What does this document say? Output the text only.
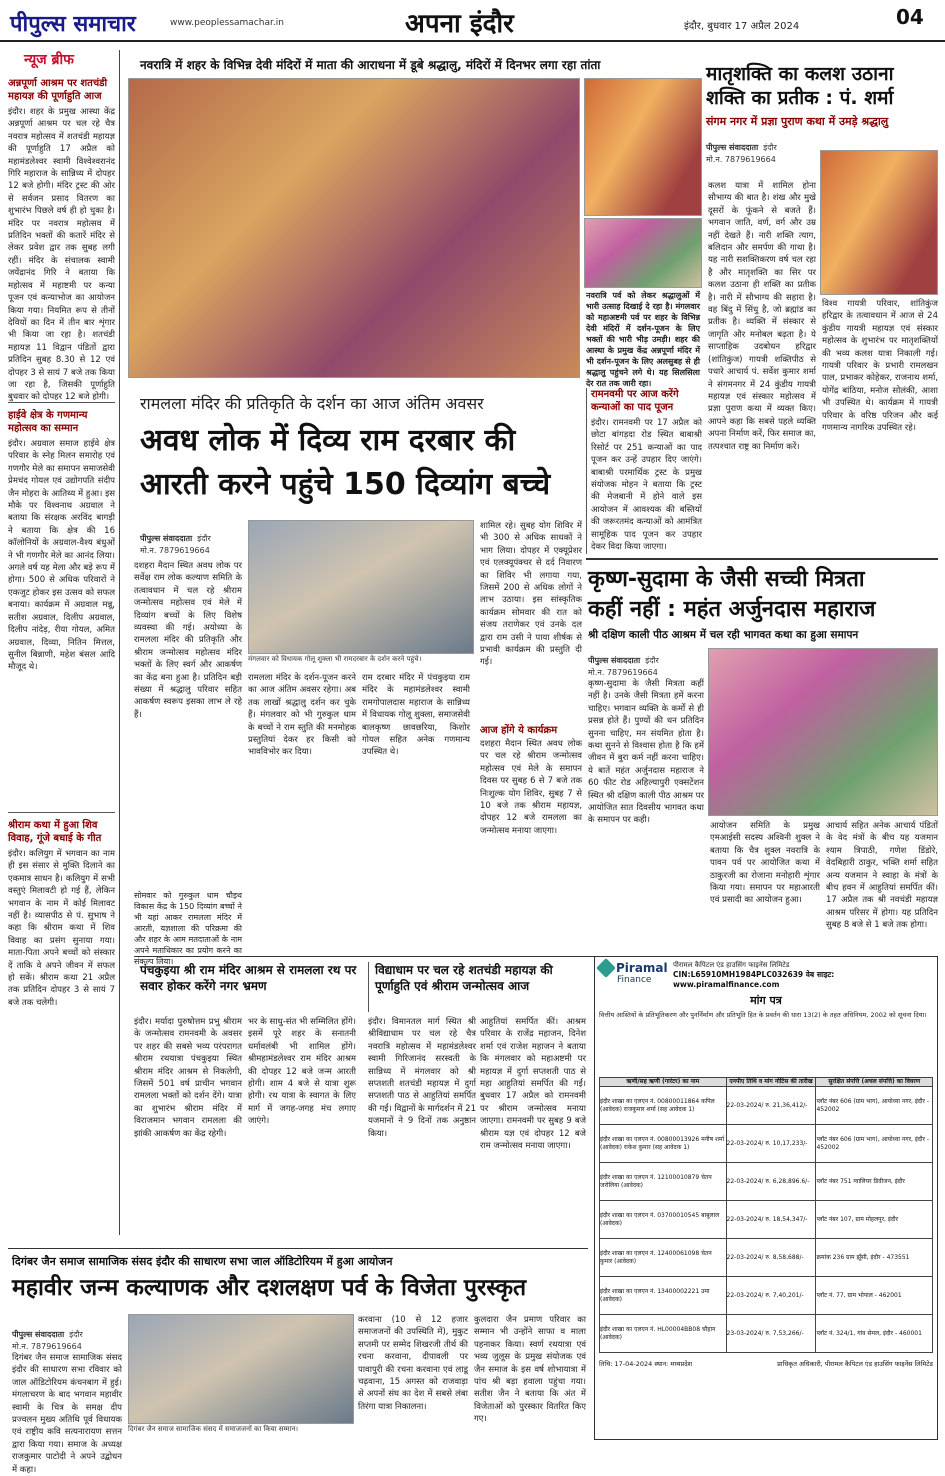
पीपुल्स समाचार	www.peoplessamachar.in	अपना इंदौर	इंदौर, बुधवार 17 अप्रैल 2024	04
न्यूज ब्रीफ
अन्नपूर्णा आश्रम पर शतचंडी महायज्ञ की पूर्णाहुति आज
इंदौर। शहर के प्रमुख आस्था केंद्र अन्नपूर्णा आश्रम पर चल रहे चैत्र नवरात्र महोत्सव में शतचंडी महायज्ञ की पूर्णाहुति 17 अप्रैल को महामंडलेश्वर स्वामी विश्वेश्वरानंद गिरि महाराज के सान्निध्य में दोपहर 12 बजे होगी। मंदिर ट्रस्ट की ओर से सर्वजन प्रसाद वितरण का शुभारंभ पिछले वर्ष ही हो चुका है। मंदिर पर नवरात्र महोत्सव में प्रतिदिन भक्तों की कतारें मंदिर से लेकर प्रवेश द्वार तक सुबह लगी रहीं। मंदिर के संचालक स्वामी जयेंद्रानंद गिरि ने बताया कि महोत्सव में महाष्टमी पर कन्या पूजन एवं कन्याभोज का आयोजन किया गया। नियमित रूप से तीनों देवियों का दिन में तीन बार शृंगार भी किया जा रहा है। शतचंडी महायज्ञ 11 विद्वान पंडितों द्वारा प्रतिदिन सुबह 8.30 से 12 एवं दोपहर 3 से सायं 7 बजे तक किया जा रहा है, जिसकी पूर्णाहुति बुधवार को दोपहर 12 बजे होगी।
हाईवे क्षेत्र के गणमान्य महोत्सव का सम्मान
इंदौर। अग्रवाल समाज हाईवे क्षेत्र परिवार के स्नेह मिलन समारोह एवं गणगौर मेले का समापन समाजसेवी प्रेमचंद गोयल एवं उद्योगपति संदीप जैन मोहरा के आतिथ्य में हुआ। इस मौके पर विश्वनाथ अग्रवाल ने बताया कि संरक्षक अरविंद बागड़ी ने बताया कि क्षेत्र की 16 कॉलोनियों के अग्रवाल-वैश्य बंधुओं ने भी गणगौर मेले का आनंद लिया। अगले वर्ष यह मेला और बड़े रूप में होगा। 500 से अधिक परिवारों ने एकजुट होकर इस उत्सव को सफल बनाया। कार्यक्रम में अग्रवाल मन्नू, सतीश अग्रवाल, दिलीप अग्रवाल, दिलीप नांदेड़, रीया गोयल, अमित अग्रवाल, दिव्या, नितिन मित्तल, सुनील बिन्नाणी, महेश बंसल आदि मौजूद थे।
श्रीराम कथा में हुआ शिव विवाह, गूंजे बधाई के गीत
इंदौर। कलियुग में भगवान का नाम ही इस संसार से मुक्ति दिलाने का एकमात्र साधन है। कलियुग में सभी वस्तुएं मिलावटी हो गई हैं, लेकिन भगवान के नाम में कोई मिलावट नहीं है। व्यासपीठ से पं. सुभाष ने कहा कि श्रीराम कथा में शिव विवाह का प्रसंग सुनाया गया। माता-पिता अपने बच्चों को संस्कार दें ताकि वे अपने जीवन में सफल हो सकें। श्रीराम कथा 21 अप्रैल तक प्रतिदिन दोपहर 3 से सायं 7 बजे तक चलेगी।
नवरात्रि में शहर के विभिन्न देवी मंदिरों में माता की आराधना में डूबे श्रद्धालु, मंदिरों में दिनभर लगा रहा तांता
नवरात्रि पर्व को लेकर श्रद्धालुओं में भारी उत्साह दिखाई दे रहा है। मंगलवार को महाअष्टमी पर्व पर शहर के विभिन्न देवी मंदिरों में दर्शन-पूजन के लिए भक्तों की भारी भीड़ उमड़ी। शहर की आस्था के प्रमुख केंद्र अन्नपूर्णा मंदिर में भी दर्शन-पूजन के लिए अलसुबह से ही श्रद्धालु पहुंचने लगे थे। यह सिलसिला देर रात तक जारी रहा।
मातृशक्ति का कलश उठाना
शक्ति का प्रतीक : पं. शर्मा
संगम नगर में प्रज्ञा पुराण कथा में उमड़े श्रद्धालु
पीपुल्स संवाददाता इंदौर
मो.न. 7879619664
कलश यात्रा में शामिल होना सौभाग्य की बात है। शंख और मुखे दूसरों के फूंकने से बजते हैं। भगवान जाति, वर्ण, वर्ग और उम्र नहीं देखते हैं। नारी शक्ति त्याग, बलिदान और समर्पण की गाथा है। यह नारी सशक्तिकरण वर्ष चल रहा है और मातृशक्ति का सिर पर कलश उठाना ही शक्ति का प्रतीक है। नारी में सौभाग्य की सहारा है। वह बिंदु में सिंधु है, जो ब्रह्मांड का प्रतीक है। व्यक्ति में संस्कार से जागृति और मनोबल बढ़ता है। ये साप्ताहिक उदबोधन हरिद्वार (शांतिकुंज) गायत्री शक्तिपीठ से पधारे आचार्य पं. सर्वेश कुमार शर्मा ने संगमनगर में 24 कुंडीय गायत्री महायज्ञ एवं संस्कार महोत्सव में प्रज्ञा पुराण कथा में व्यक्त किए। आपने कहा कि सबसे पहले व्यक्ति अपना निर्माण करें, फिर समाज का, तत्पश्चात राष्ट्र का निर्माण करें।
विश्व गायत्री परिवार, शांतिकुंज हरिद्वार के तत्वावधान में आज से 24 कुंडीय गायत्री महायज्ञ एवं संस्कार महोत्सव के शुभारंभ पर मातृशक्तियों की भव्य कलश यात्रा निकाली गई। गायत्री परिवार के प्रभारी रामलखन पाल, प्रभाकर कोहेकर, राजनाथ शर्मा, योगेंद्र बांठिया, मनोज सोलंकी, आशा भी उपस्थित थे। कार्यक्रम में गायत्री परिवार के वरिष्ठ परिजन और कई गणमान्य नागरिक उपस्थित रहे।
रामलला मंदिर की प्रतिकृति के दर्शन का आज अंतिम अवसर
अवध लोक में दिव्य राम दरबार की
आरती करने पहुंचे 150 दिव्यांग बच्चे
पीपुल्स संवाददाता इंदौर
मो.न. 7879619664
मंगलवार को विधायक गोलू शुक्ला भी रामदरबार के दर्शन करने पहुंचे।
दशहरा मैदान स्थित अवध लोक पर सर्वेक्ष राम लोक कल्याण समिति के तत्वावधान में चल रहे श्रीराम जन्मोत्सव महोत्सव एवं मेले में दिव्यांग बच्चों के लिए विशेष व्यवस्था की गई। अयोध्या के रामलला मंदिर की प्रतिकृति और श्रीराम जन्मोत्सव महोत्सव मंदिर भक्तों के लिए स्वर्ग और आकर्षण का केंद्र बना हुआ है। प्रतिदिन बड़ी संख्या में श्रद्धालु परिवार सहित आकर्षण स्वरूप इसका लाभ ले रहे हैं।
सोमवार को गुरुकुल धाम चौइथ विकास केंद्र के 150 दिव्यांग बच्चों ने भी यहां आकर रामलला मंदिर में आरती, यज्ञशाला की परिक्रमा की और शहर के आम मतदाताओं के नाम अपने मताधिकार का प्रयोग करने का संकल्प लिया।
रामलला मंदिर के दर्शन-पूजन करने का आज अंतिम अवसर रहेगा। अब तक लाखों श्रद्धालु दर्शन कर चुके हैं। मंगलवार को भी गुरुकुल धाम के बच्चों ने राम स्तुति की मनमोहक प्रस्तुतियां देकर हर किसी को भावविभोर कर दिया।
राम दरबार मंदिर में पंचकुइया राम मंदिर के महामंडलेश्वर स्वामी रामगोपालदास महाराज के सान्निध्य में विधायक गोलू शुक्ला, समाजसेवी बालकृष्ण छावछरिया, किशोर गोयल सहित अनेक गणमान्य उपस्थित थे।
शामिल रहे। सुबह योग शिविर में भी 300 से अधिक साधकों ने भाग लिया। दोपहर में एक्यूप्रेशर एवं एलक्यूपंक्चर से दर्द निवारण का शिविर भी लगाया गया, जिसमें 200 से अधिक लोगों ने लाभ उठाया। इस सांस्कृतिक कार्यक्रम सोमवार की रात को संजय तराणेकर एवं उनके दल द्वारा राम उसी ने पाया शीर्षक से प्रभावी कार्यक्रम की प्रस्तुति दी गई।
आज होंगे ये कार्यक्रम
दशहरा मैदान स्थित अवध लोक पर चल रहे श्रीराम जन्मोत्सव महोत्सव एवं मेले के समापन दिवस पर सुबह 6 से 7 बजे तक निःशुल्क योग शिविर, सुबह 7 से 10 बजे तक श्रीराम महायज्ञ, दोपहर 12 बजे रामलला का जन्मोत्सव मनाया जाएगा।
रामनवमी पर आज करेंगे कन्याओं का पाद पूजन
इंदौर। रामनवमी पर 17 अप्रैल को छोटा बांगड़दा रोड स्थित बाबाश्री रिसोर्ट पर 251 कन्याओं का पाद पूजन कर उन्हें उपहार दिए जाएंगे। बाबाश्री परमार्थिक ट्रस्ट के प्रमुख संयोजक मोहन ने बताया कि ट्रस्ट की मेजबानी में होने वाले इस आयोजन में आवश्यक की बस्तियों की जरूरतमंद कन्याओं को आमंत्रित सामूहिक पाद पूजन कर उपहार देकर विदा किया जाएगा।
कृष्ण-सुदामा के जैसी सच्ची मित्रता
कहीं नहीं : महंत अर्जुनदास महाराज
श्री दक्षिण काली पीठ आश्रम में चल रही भागवत कथा का हुआ समापन
पीपुल्स संवाददाता इंदौर
मो.न. 7879619664
कृष्ण-सुदामा के जैसी मित्रता कहीं नहीं है। उनके जैसी मित्रता हमें करना चाहिए। भगवान व्यक्ति के कर्मों से ही प्रसन्न होते हैं। पुण्यों की धन प्रतिदिन सुनना चाहिए, मन संयमित होता है। कथा सुनने से विश्वास होता है कि हमें जीवन में बुरा कर्म नहीं करना चाहिए। ये बातें महंत अर्जुनदास महाराज ने 60 फीट रोड अहिल्यापुरी एक्सटेंशन स्थित श्री दक्षिण काली पीठ आश्रम पर आयोजित सात दिवसीय भागवत कथा के समापन पर कही।
आयोजन समिति के प्रमुख एमआईसी सदस्य अश्विनी शुक्ल ने बताया कि चैत्र शुक्ल नवरात्रि के पावन पर्व पर आयोजित कथा में ठाकुरजी का रोजाना मनोहारी शृंगार किया गया। समापन पर महाआरती एवं प्रसादी का आयोजन हुआ।
आचार्य सहित अनेक आचार्य पंडितों के वेद मंत्रों के बीच यह यजमान श्याम त्रिपाठी, गणेश डिंडोरे, वेदबिहारी ठाकुर, भक्ति शर्मा सहित अन्य यजमान ने स्वाहा के मंत्रों के बीच हवन में आहुतियां समर्पित कीं। 17 अप्रैल तक श्री नवचंडी महायज्ञ आश्रम परिसर में होगा। यह प्रतिदिन सुबह 8 बजे से 1 बजे तक होगा।
पंचकुइया श्री राम मंदिर आश्रम से रामलला रथ पर सवार होकर करेंगे नगर भ्रमण
इंदौर। मर्यादा पुरुषोत्तम प्रभु श्रीराम के जन्मोत्सव रामनवमी के अवसर पर शहर की सबसे भव्य परंपरागत श्रीराम रथयात्रा पंचकुइया स्थित श्रीराम मंदिर आश्रम से निकलेगी, जिसमें 501 वर्ष प्राचीन भगवान रामलला भक्तों को दर्शन देंगे। यात्रा का शुभारंभ श्रीराम मंदिर में विराजमान भगवान रामलला की झांकी आकर्षण का केंद्र रहेगी।
भर के साधु-संत भी सम्मिलित होंगे। इसमें पूरे शहर के सनातनी धर्मावलंबी भी शामिल होंगे। श्रीमहामंडलेश्वर राम मंदिर आश्रम की दोपहर 12 बजे जन्म आरती होगी। शाम 4 बजे से यात्रा शुरू होगी। रथ यात्रा के स्वागत के लिए मार्ग में जगह-जगह मंच लगाए जाएंगे।
विद्याधाम पर चल रहे शतचंडी महायज्ञ की पूर्णाहुति एवं श्रीराम जन्मोत्सव आज
इंदौर। विमानतल मार्ग स्थित श्री श्रीविद्याधाम पर चल रहे चैत्र नवरात्रि महोत्सव में महामंडलेश्वर स्वामी गिरिजानंद सरस्वती के सान्निध्य में मंगलवार को श्री सप्तशती शतचंडी महायज्ञ में दुर्गा सप्तशती पाठ से आहुतियां समर्पित की गईं। विद्वानों के मार्गदर्शन में 21 यजमानों ने 9 दिनों तक अनुष्ठान किया।
आहुतियां समर्पित कीं। आश्रम परिवार के राजेंद्र महाजन, दिनेश शर्मा एवं राजेश महाजन ने बताया कि मंगलवार को महाअष्टमी पर महायज्ञ में दुर्गा सप्तशती पाठ से महा आहुतियां समर्पित की गईं। बुधवार 17 अप्रैल को रामनवमी पर श्रीराम जन्मोत्सव मनाया जाएगा। रामनवमी पर सुबह 9 बजे श्रीराम यज्ञ एवं दोपहर 12 बजे राम जन्मोत्सव मनाया जाएगा।
दिगंबर जैन समाज सामाजिक संसद इंदौर की साधारण सभा जाल ऑडिटोरियम में हुआ आयोजन
महावीर जन्म कल्याणक और दशलक्षण पर्व के विजेता पुरस्कृत
पीपुल्स संवाददाता इंदौर
मो.न. 7879619664
दिगंबर जैन समाज सामाजिक संसद में समाजजनों का किया सम्मान।
दिगंबर जैन समाज सामाजिक संसद इंदौर की साधारण सभा रविवार को जाल ऑडिटोरियम कंचनबाग में हुई। मंगलाचरण के बाद भगवान महावीर स्वामी के चित्र के समक्ष दीप प्रज्वलन मुख्य अतिथि पूर्व विधायक एवं राष्ट्रीय कवि सत्यनारायण सत्तन द्वारा किया गया। समाज के अध्यक्ष राजकुमार पाटोदी ने अपने उद्बोधन में कहा।
करवाना (10 से 12 हजार समाजजनों की उपस्थिति में), मुकुट सप्तमी पर सम्मेद शिखरजी तीर्थ की रचना करवाना, दीपावली पर पावापुरी की रचना करवाना एवं लाडू चढ़वाना, 15 अगस्त को राजवाड़ा से अपनों संघ का देश में सबसे लंबा तिरंगा यात्रा निकालना।
कुलदारा जैन प्रमाण परिवार का सम्मान भी उन्होंने साफा व माला पहनाकर किया। स्वर्ण रथयात्रा एवं भव्य जुलूस के प्रमुख संयोजक एवं जैन समाज के इस वर्ष शोभायात्रा में पांच श्री बड़ा हवाला पहुंचा गया। सतीश जैन ने बताया कि अंत में विजेताओं को पुरस्कार वितरित किए गए।
Piramal
Finance
पीरामल कैपिटल एंड हाउसिंग फाइनेंस लिमिटेड
CIN:L65910MH1984PLC032639 वेब साइट: www.piramalfinance.com
मांग पत्र
वित्तीय आस्तियों के प्रतिभूतिकरण और पुनर्निर्माण और प्रतिभूति हित के प्रवर्तन की धारा 13(2) के तहत अधिनियम, 2002 को सूचना दिया।
ऋणी/सह ऋणी (गारंटर) का नाम	एनपीए तिथि व मांग नोटिस की तारीख	सुरक्षित संपत्ति (अचल संपत्ति) का विवरण
इंदौर शाखा का एलएन नं. 00800011864 कपिल (आवेदक) राजकुमार शर्मा (सह आवेदक 1)	22-03-2024/ रु. 21,36,412/-	प्लॉट नंबर 606 (ग्राम भाग), आयोध्या नगर, इंदौर - 452002
इंदौर शाखा का एलएन नं. 00800013926 मनीष शर्मा (आवेदक) राकेश कुमार (सह आवेदक 1)	22-03-2024/ रु. 10,17,233/-	प्लॉट नंबर 606 (ग्राम भाग), आयोध्या नगर, इंदौर - 452002
इंदौर शाखा का एलएन नं. 12100010879 चेतन जरोलिया (आवेदक)	22-03-2024/ रु. 6,28,896.6/-	प्लॉट नंबर 751 ग्वालियर डिवीजन, इंदौर
इंदौर शाखा का एलएन नं. 03700010545 बाबुलाल (आवेदक)	22-03-2024/ रु. 18,54,347/-	प्लॉट नंबर 107, ग्राम मोहलपुर, इंदौर
इंदौर शाखा का एलएन नं. 12400061098 चेतन कुमार (आवेदक)	22-03-2024/ रु. 8,58,688/-	क्रमांक 236 ग्राम झूँसी, इंदौर - 473551
इंदौर शाखा का एलएन नं. 13400002221 उमा (आवेदक)	22-03-2024/ रु. 7,40,201/-	प्लॉट नं. 77, ग्राम भोपाल - 462001
इंदौर शाखा का एलएन नं. HL00004BB08 चौहान (आवेदक)	23-03-2024/ रु. 7,53,266/-	प्लॉट नं. 324/1, गांव सेमल, इंदौर - 460001
तिथि: 17-04-2024 स्थान: मध्यप्रदेश	प्राधिकृत अधिकारी, पीरामल कैपिटल एंड हाउसिंग फाइनेंस लिमिटेड
